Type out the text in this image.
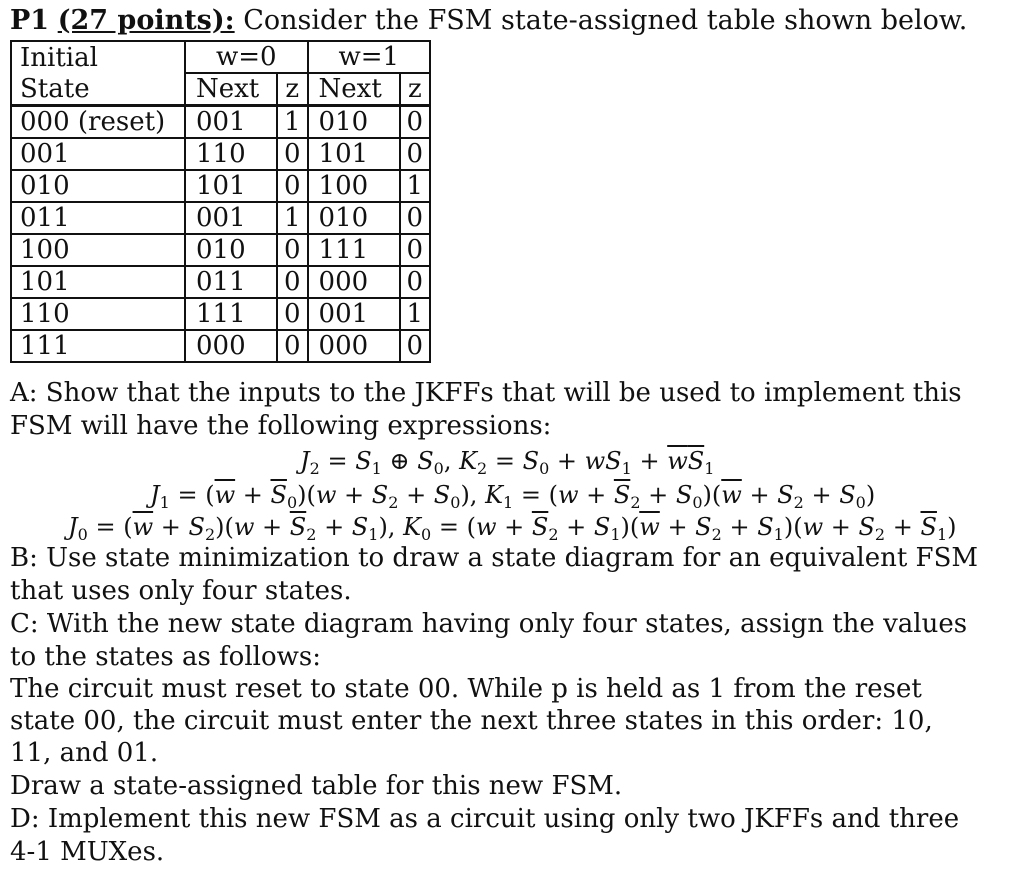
P1 (27 points): Consider the FSM state-assigned table shown below.
Initial	w=0		w=1	
State	Next	z	Next	z
000 (reset)	001	1	010	0
001	110	0	101	0
010	101	0	100	1
011	001	1	010	0
100	010	0	111	0
101	011	0	000	0
110	111	0	001	1
111	000	0	000	0
A: Show that the inputs to the JKFFs that will be used to implement this
FSM will have the following expressions:
$J_2 = S_1$ ⊕ $S_0$, $K_2 = S_0 + wS_1 + \overline{w}\overline{S}_1$
$J_1 = (\overline{w} + \overline{S}_0)(w + S_2 + S_0)$, $K_1 = (w + \overline{S}_2 + S_0)(\overline{w} + S_2 + S_0)$
$J_0 = (\overline{w} + S_2)(w + \overline{S}_2 + S_1)$, $K_0 = (w + \overline{S}_2 + S_1)(\overline{w} + S_2 + S_1)(w + S_2 + \overline{S}_1)$
B: Use state minimization to draw a state diagram for an equivalent FSM
that uses only four states.
C: With the new state diagram having only four states, assign the values
to the states as follows:
The circuit must reset to state 00. While p is held as 1 from the reset
state 00, the circuit must enter the next three states in this order: 10,
11, and 01.
Draw a state-assigned table for this new FSM.
D: Implement this new FSM as a circuit using only two JKFFs and three
4-1 MUXes.
